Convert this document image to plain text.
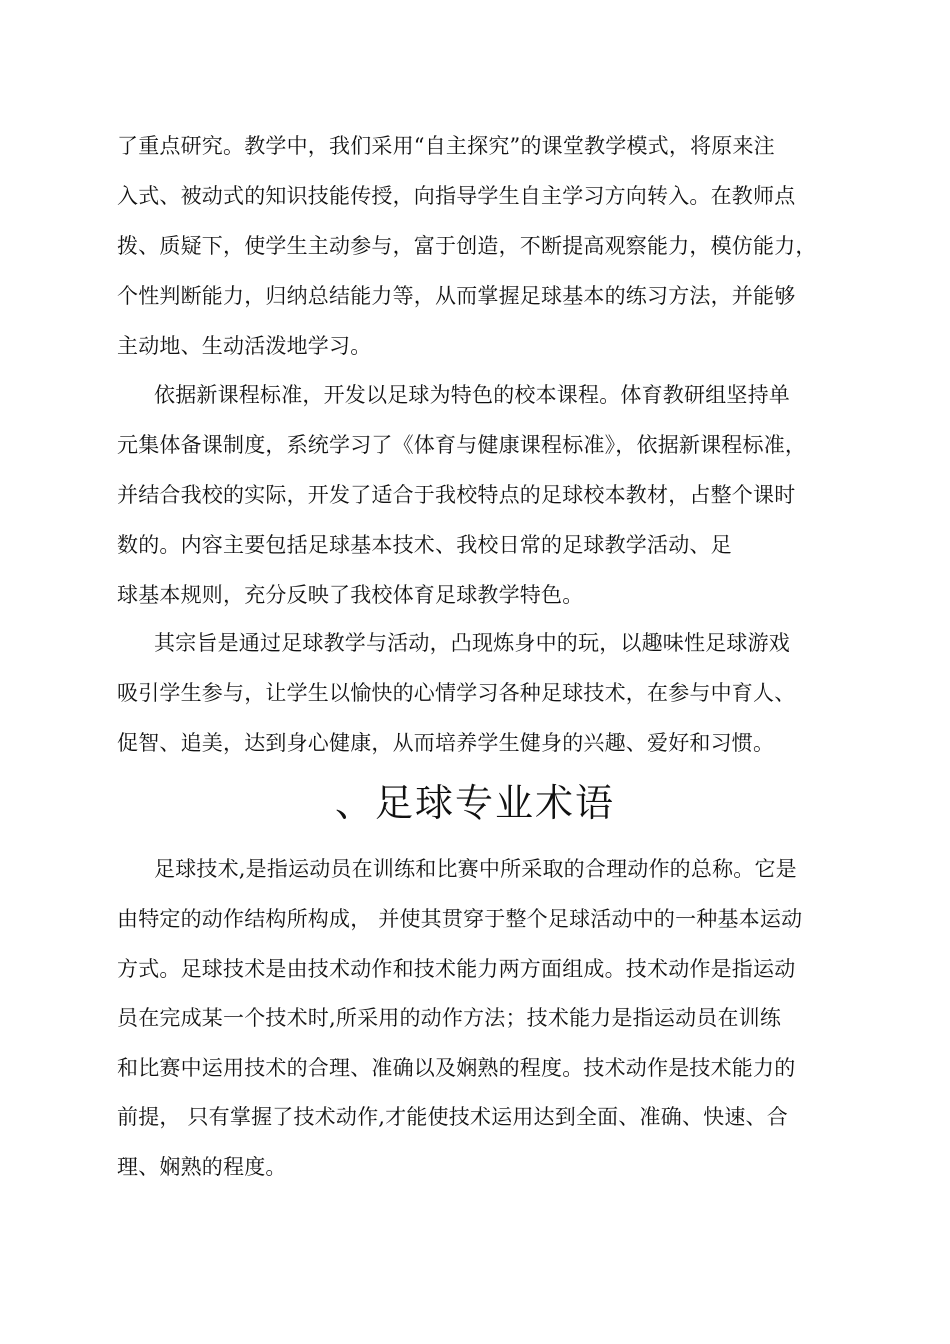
了重点研究。教学中，我们采用“自主探究”的课堂教学模式，将原来注
入式、被动式的知识技能传授，向指导学生自主学习方向转入。在教师点
拨、质疑下，使学生主动参与，富于创造，不断提高观察能力，模仿能力，
个性判断能力，归纳总结能力等，从而掌握足球基本的练习方法，并能够
主动地、生动活泼地学习。
依据新课程标准，开发以足球为特色的校本课程。体育教研组坚持单
元集体备课制度，系统学习了《体育与健康课程标准》，依据新课程标准，
并结合我校的实际，开发了适合于我校特点的足球校本教材，占整个课时
数的。内容主要包括足球基本技术、我校日常的足球教学活动、足
球基本规则，充分反映了我校体育足球教学特色。
其宗旨是通过足球教学与活动，凸现炼身中的玩，以趣味性足球游戏
吸引学生参与，让学生以愉快的心情学习各种足球技术，在参与中育人、
促智、追美，达到身心健康，从而培养学生健身的兴趣、爱好和习惯。
、足球专业术语
足球技术,是指运动员在训练和比赛中所采取的合理动作的总称。它是
由特定的动作结构所构成， 并使其贯穿于整个足球活动中的一种基本运动
方式。足球技术是由技术动作和技术能力两方面组成。技术动作是指运动
员在完成某一个技术时,所采用的动作方法；技术能力是指运动员在训练
和比赛中运用技术的合理、准确以及娴熟的程度。技术动作是技术能力的
前提， 只有掌握了技术动作,才能使技术运用达到全面、准确、快速、合
理、娴熟的程度。
